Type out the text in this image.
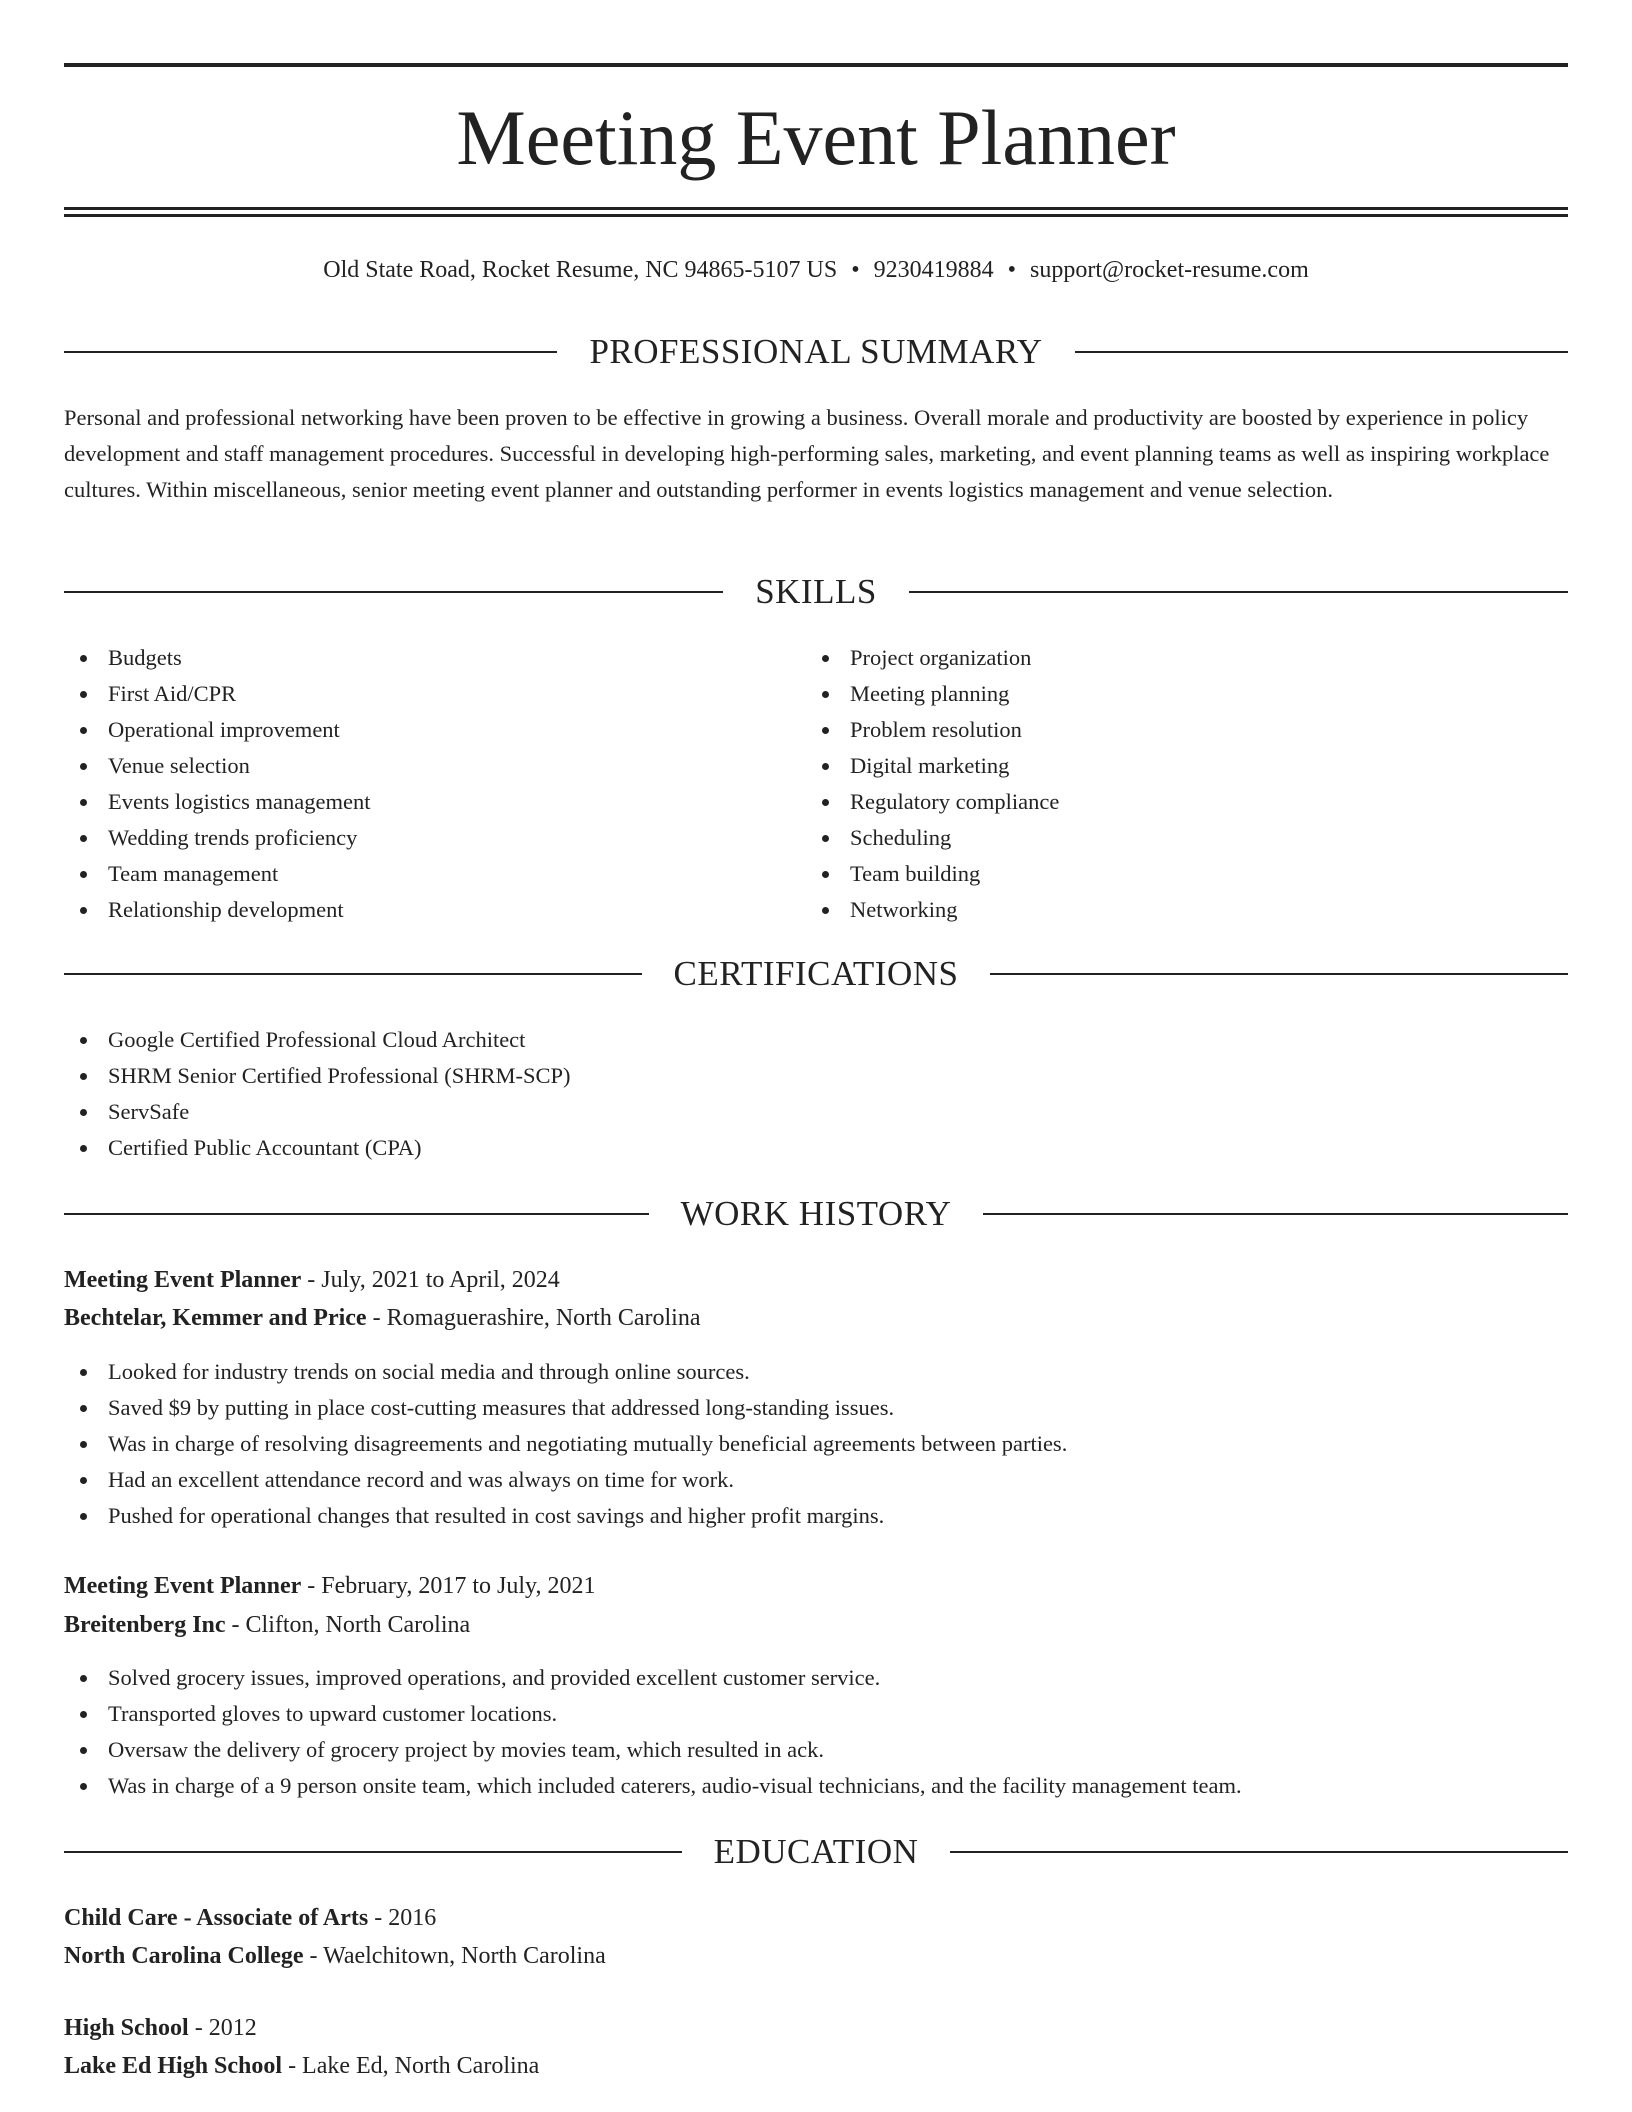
Meeting Event Planner
Old State Road, Rocket Resume, NC 94865-5107 US • 9230419884 • support@rocket-resume.com
PROFESSIONAL SUMMARY

Personal and professional networking have been proven to be effective in growing a business. Overall morale and productivity are boosted by experience in policy development and staff management procedures. Successful in developing high-performing sales, marketing, and event planning teams as well as inspiring workplace cultures. Within miscellaneous, senior meeting event planner and outstanding performer in events logistics management and venue selection.

SKILLS
Budgets
First Aid/CPR
Operational improvement
Venue selection
Events logistics management
Wedding trends proficiency
Team management
Relationship development
Project organization
Meeting planning
Problem resolution
Digital marketing
Regulatory compliance
Scheduling
Team building
Networking
CERTIFICATIONS
Google Certified Professional Cloud Architect
SHRM Senior Certified Professional (SHRM-SCP)
ServSafe
Certified Public Accountant (CPA)
WORK HISTORY
Meeting Event Planner - July, 2021 to April, 2024
Bechtelar, Kemmer and Price - Romaguerashire, North Carolina
Looked for industry trends on social media and through online sources.
Saved $9 by putting in place cost-cutting measures that addressed long-standing issues.
Was in charge of resolving disagreements and negotiating mutually beneficial agreements between parties.
Had an excellent attendance record and was always on time for work.
Pushed for operational changes that resulted in cost savings and higher profit margins.
Meeting Event Planner - February, 2017 to July, 2021
Breitenberg Inc - Clifton, North Carolina
Solved grocery issues, improved operations, and provided excellent customer service.
Transported gloves to upward customer locations.
Oversaw the delivery of grocery project by movies team, which resulted in ack.
Was in charge of a 9 person onsite team, which included caterers, audio-visual technicians, and the facility management team.
EDUCATION
Child Care - Associate of Arts - 2016
North Carolina College - Waelchitown, North Carolina
High School - 2012
Lake Ed High School - Lake Ed, North Carolina
